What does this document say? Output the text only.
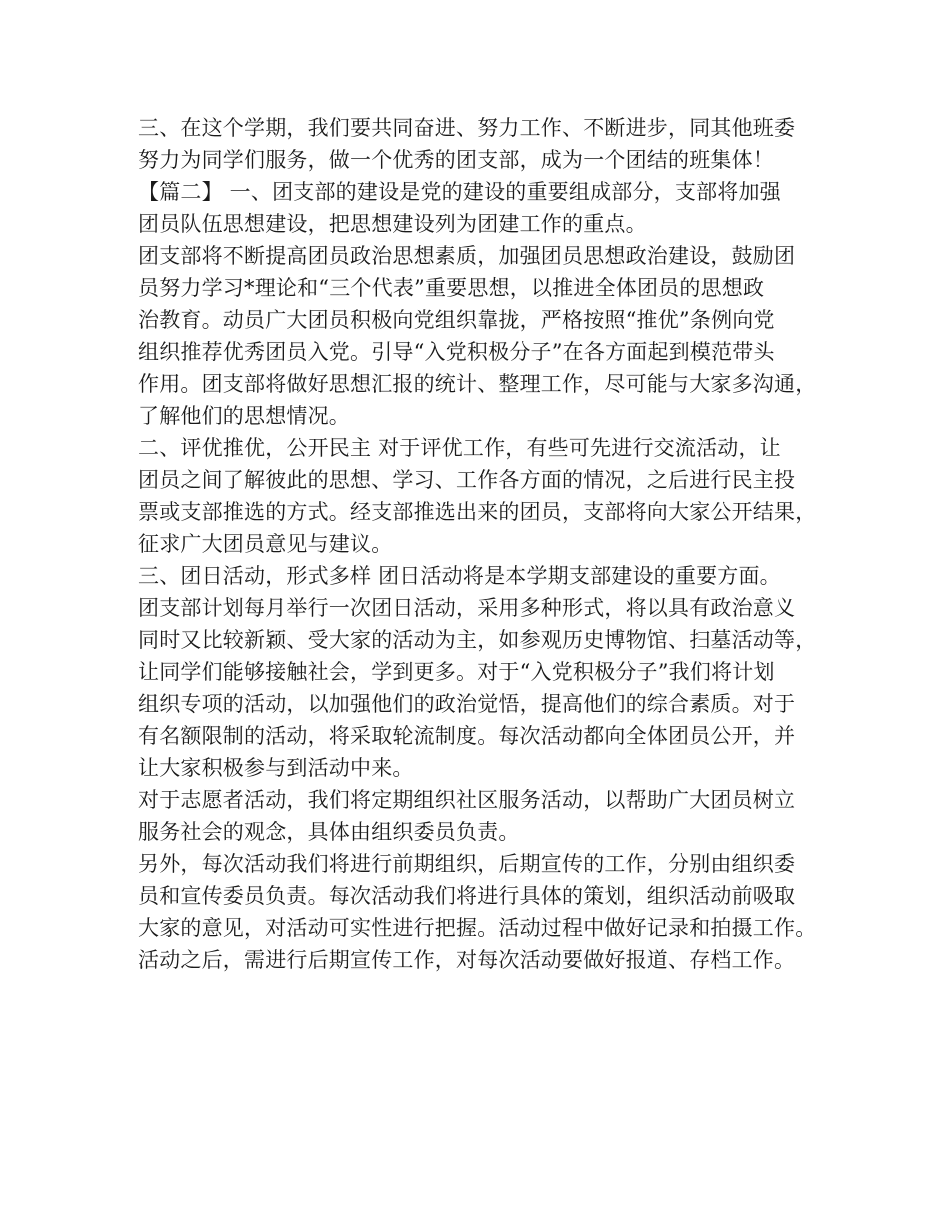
三、在这个学期，我们要共同奋进、努力工作、不断进步，同其他班委
努力为同学们服务，做一个优秀的团支部，成为一个团结的班集体！
【篇二】 一、团支部的建设是党的建设的重要组成部分，支部将加强
团员队伍思想建设，把思想建设列为团建工作的重点。
团支部将不断提高团员政治思想素质，加强团员思想政治建设，鼓励团
员努力学习*理论和“三个代表”重要思想，以推进全体团员的思想政
治教育。动员广大团员积极向党组织靠拢，严格按照“推优”条例向党
组织推荐优秀团员入党。引导“入党积极分子”在各方面起到模范带头
作用。团支部将做好思想汇报的统计、整理工作，尽可能与大家多沟通，
了解他们的思想情况。
二、评优推优，公开民主 对于评优工作，有些可先进行交流活动，让
团员之间了解彼此的思想、学习、工作各方面的情况，之后进行民主投
票或支部推选的方式。经支部推选出来的团员，支部将向大家公开结果，
征求广大团员意见与建议。
三、团日活动，形式多样 团日活动将是本学期支部建设的重要方面。
团支部计划每月举行一次团日活动，采用多种形式，将以具有政治意义
同时又比较新颖、受大家的活动为主，如参观历史博物馆、扫墓活动等，
让同学们能够接触社会，学到更多。对于“入党积极分子”我们将计划
组织专项的活动，以加强他们的政治觉悟，提高他们的综合素质。对于
有名额限制的活动，将采取轮流制度。每次活动都向全体团员公开，并
让大家积极参与到活动中来。
对于志愿者活动，我们将定期组织社区服务活动，以帮助广大团员树立
服务社会的观念，具体由组织委员负责。
另外，每次活动我们将进行前期组织，后期宣传的工作，分别由组织委
员和宣传委员负责。每次活动我们将进行具体的策划，组织活动前吸取
大家的意见，对活动可实性进行把握。活动过程中做好记录和拍摄工作。
活动之后，需进行后期宣传工作，对每次活动要做好报道、存档工作。
